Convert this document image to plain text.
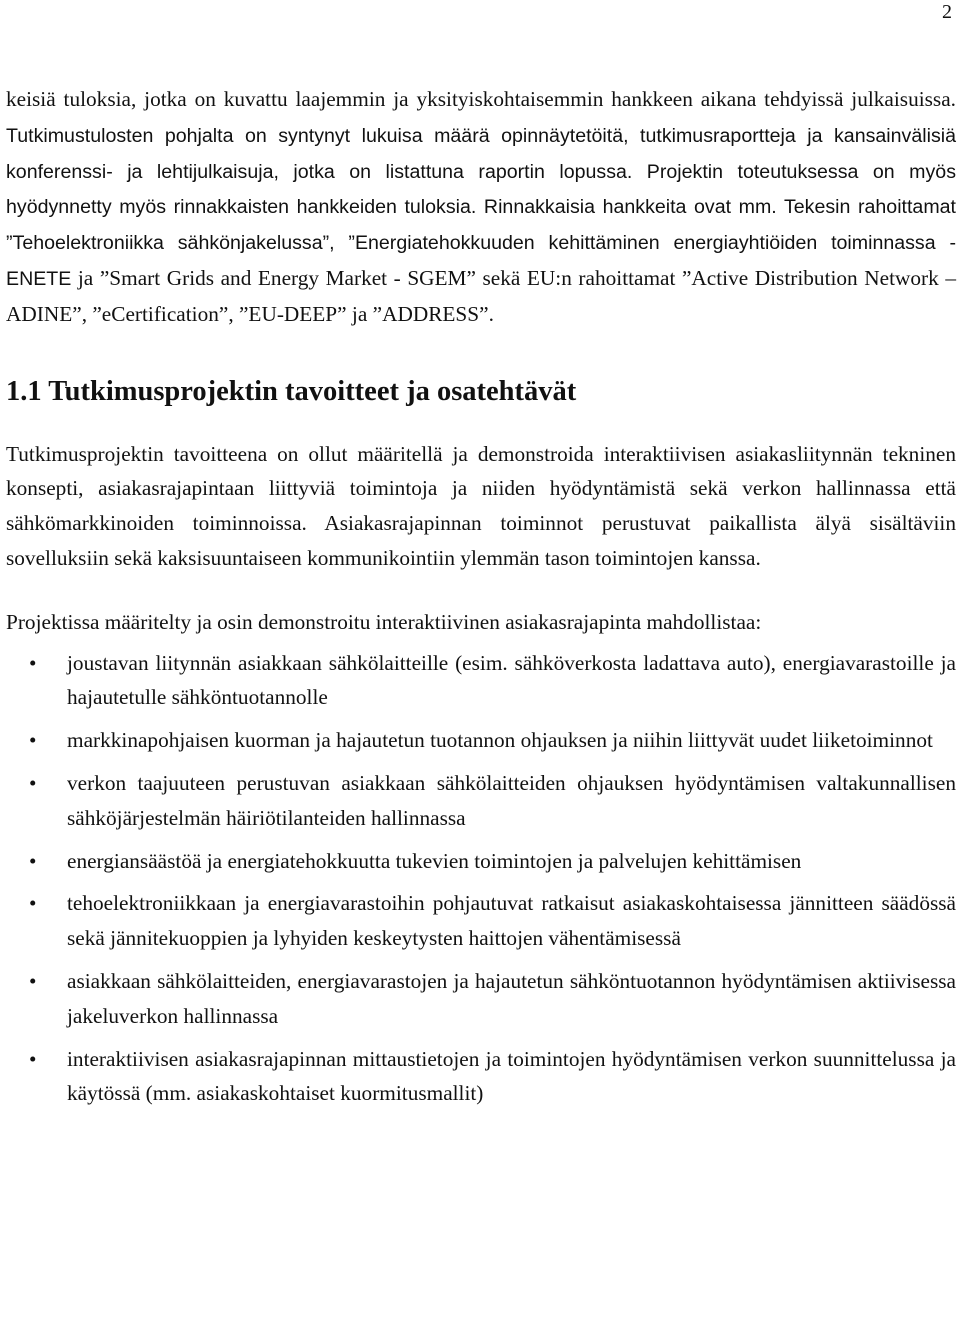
2

keisiä tuloksia, jotka on kuvattu laajemmin ja yksityiskohtaisemmin hankkeen aikana tehdyissä julkaisuissa. Tutkimustulosten pohjalta on syntynyt lukuisa määrä opinnäytetöitä, tutkimusraportteja ja kansainvälisiä konferenssi- ja lehtijulkaisuja, jotka on listattuna raportin lopussa. Projektin toteutuksessa on myös hyödynnetty myös rinnakkaisten hankkeiden tuloksia. Rinnakkaisia hankkeita ovat mm. Tekesin rahoittamat ”Tehoelektroniikka sähkönjakelussa”, ”Energiatehokkuuden kehittäminen energiayhtiöiden toiminnassa - ENETE ja ”Smart Grids and Energy Market - SGEM” sekä EU:n rahoittamat ”Active Distribution Network – ADINE”, ”eCertification”, ”EU-DEEP” ja ”ADDRESS”.

1.1 Tutkimusprojektin tavoitteet ja osatehtävät

Tutkimusprojektin tavoitteena on ollut määritellä ja demonstroida interaktiivisen asiakasliitynnän tekninen konsepti, asiakasrajapintaan liittyviä toimintoja ja niiden hyödyntämistä sekä verkon hallinnassa että sähkömarkkinoiden toiminnoissa. Asiakasrajapinnan toiminnot perustuvat paikallista älyä sisältäviin sovelluksiin sekä kaksisuuntaiseen kommunikointiin ylemmän tason toimintojen kanssa.

Projektissa määritelty ja osin demonstroitu interaktiivinen asiakasrajapinta mahdollistaa:

•	joustavan liitynnän asiakkaan sähkölaitteille (esim. sähköverkosta ladattava auto), energiavarastoille ja hajautetulle sähköntuotannolle
•	markkinapohjaisen kuorman ja hajautetun tuotannon ohjauksen ja niihin liittyvät uudet liiketoiminnot
•	verkon taajuuteen perustuvan asiakkaan sähkölaitteiden ohjauksen hyödyntämisen valtakunnallisen sähköjärjestelmän häiriötilanteiden hallinnassa
•	energiansäästöä ja energiatehokkuutta tukevien toimintojen ja palvelujen kehittämisen
•	tehoelektroniikkaan ja energiavarastoihin pohjautuvat ratkaisut asiakaskohtaisessa jännitteen säädössä sekä jännitekuoppien ja lyhyiden keskeytysten haittojen vähentämisessä
•	asiakkaan sähkölaitteiden, energiavarastojen ja hajautetun sähköntuotannon hyödyntämisen aktiivisessa jakeluverkon hallinnassa
•	interaktiivisen asiakasrajapinnan mittaustietojen ja toimintojen hyödyntämisen verkon suunnittelussa ja käytössä (mm. asiakaskohtaiset kuormitusmallit)
